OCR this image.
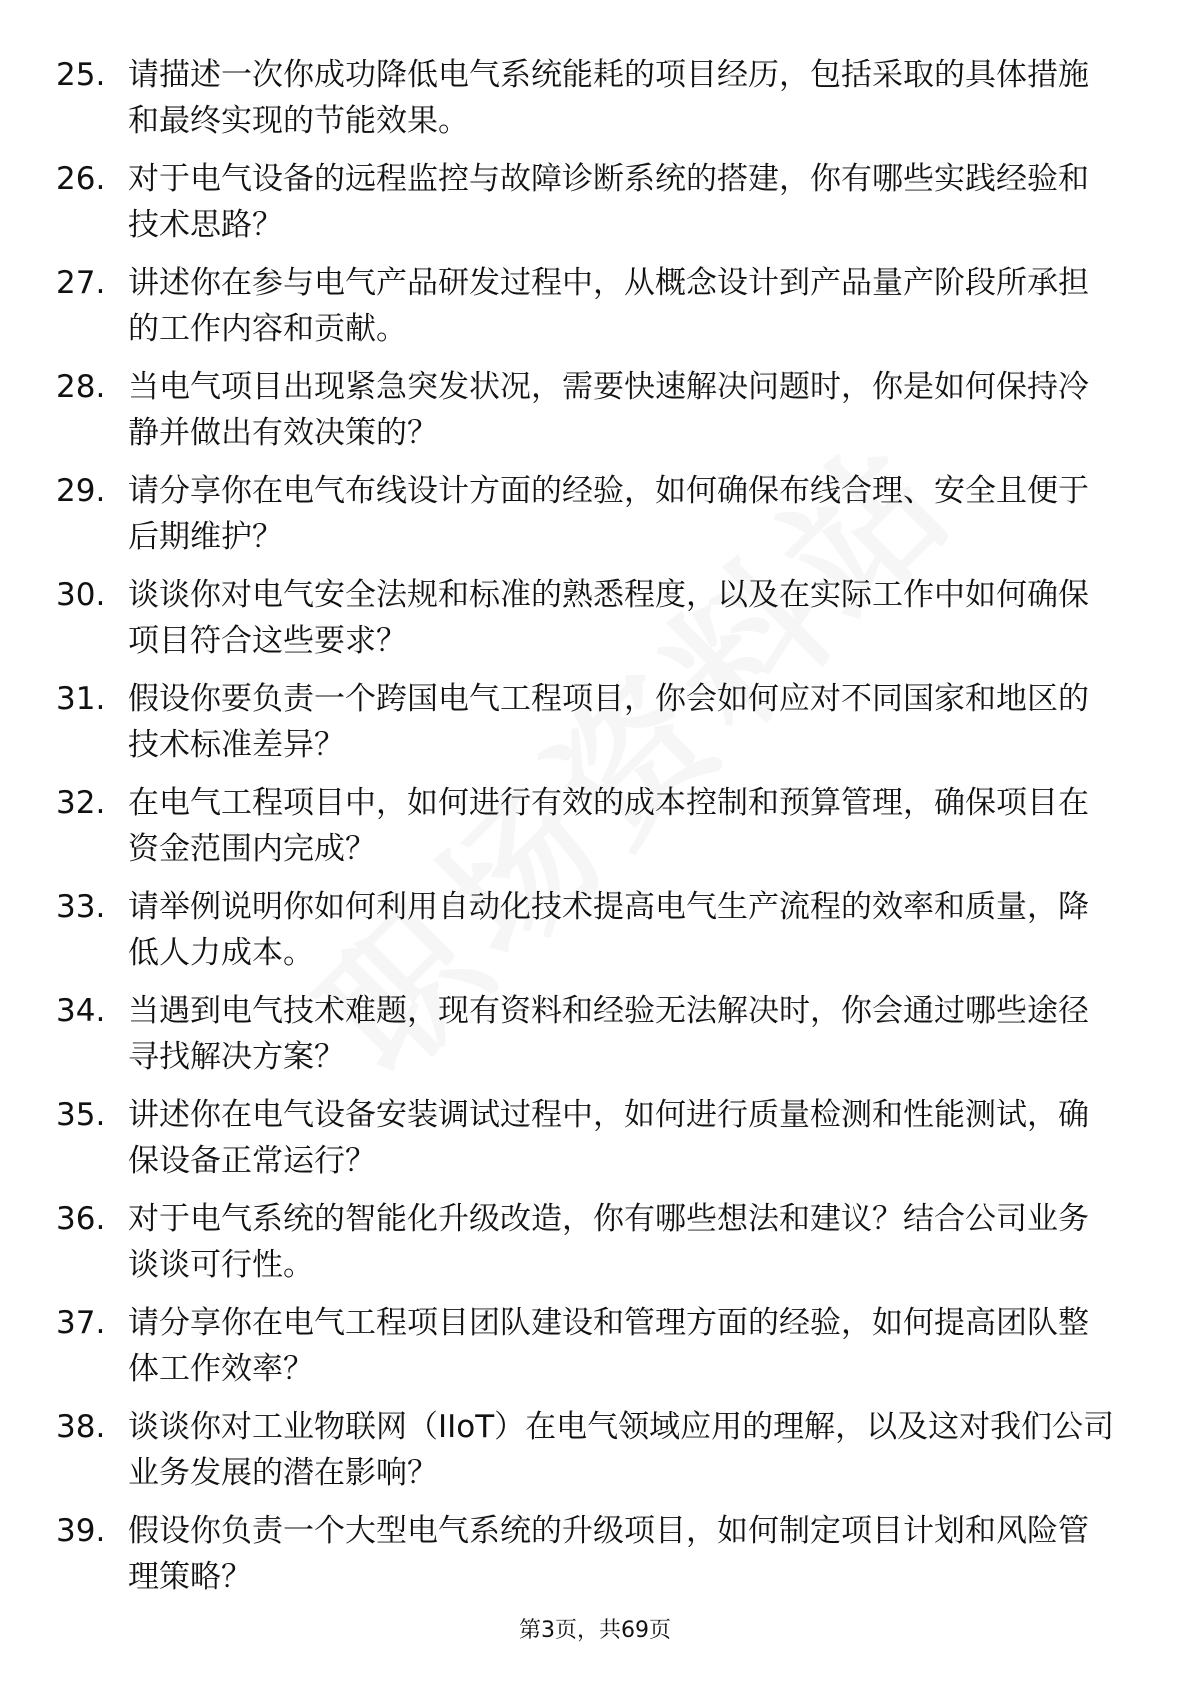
25. 请描述一次你成功降低电气系统能耗的项目经历，包括采取的具体措施和最终实现的节能效果。
26. 对于电气设备的远程监控与故障诊断系统的搭建，你有哪些实践经验和技术思路？
27. 讲述你在参与电气产品研发过程中，从概念设计到产品量产阶段所承担的工作内容和贡献。
28. 当电气项目出现紧急突发状况，需要快速解决问题时，你是如何保持冷静并做出有效决策的？
29. 请分享你在电气布线设计方面的经验，如何确保布线合理、安全且便于后期维护？
30. 谈谈你对电气安全法规和标准的熟悉程度，以及在实际工作中如何确保项目符合这些要求？
31. 假设你要负责一个跨国电气工程项目，你会如何应对不同国家和地区的技术标准差异？
32. 在电气工程项目中，如何进行有效的成本控制和预算管理，确保项目在资金范围内完成？
33. 请举例说明你如何利用自动化技术提高电气生产流程的效率和质量，降低人力成本。
34. 当遇到电气技术难题，现有资料和经验无法解决时，你会通过哪些途径寻找解决方案？
35. 讲述你在电气设备安装调试过程中，如何进行质量检测和性能测试，确保设备正常运行？
36. 对于电气系统的智能化升级改造，你有哪些想法和建议？结合公司业务谈谈可行性。
37. 请分享你在电气工程项目团队建设和管理方面的经验，如何提高团队整体工作效率？
38. 谈谈你对工业物联网（IIoT）在电气领域应用的理解，以及这对我们公司业务发展的潜在影响？
39. 假设你负责一个大型电气系统的升级项目，如何制定项目计划和风险管理策略？
第3页，共69页
